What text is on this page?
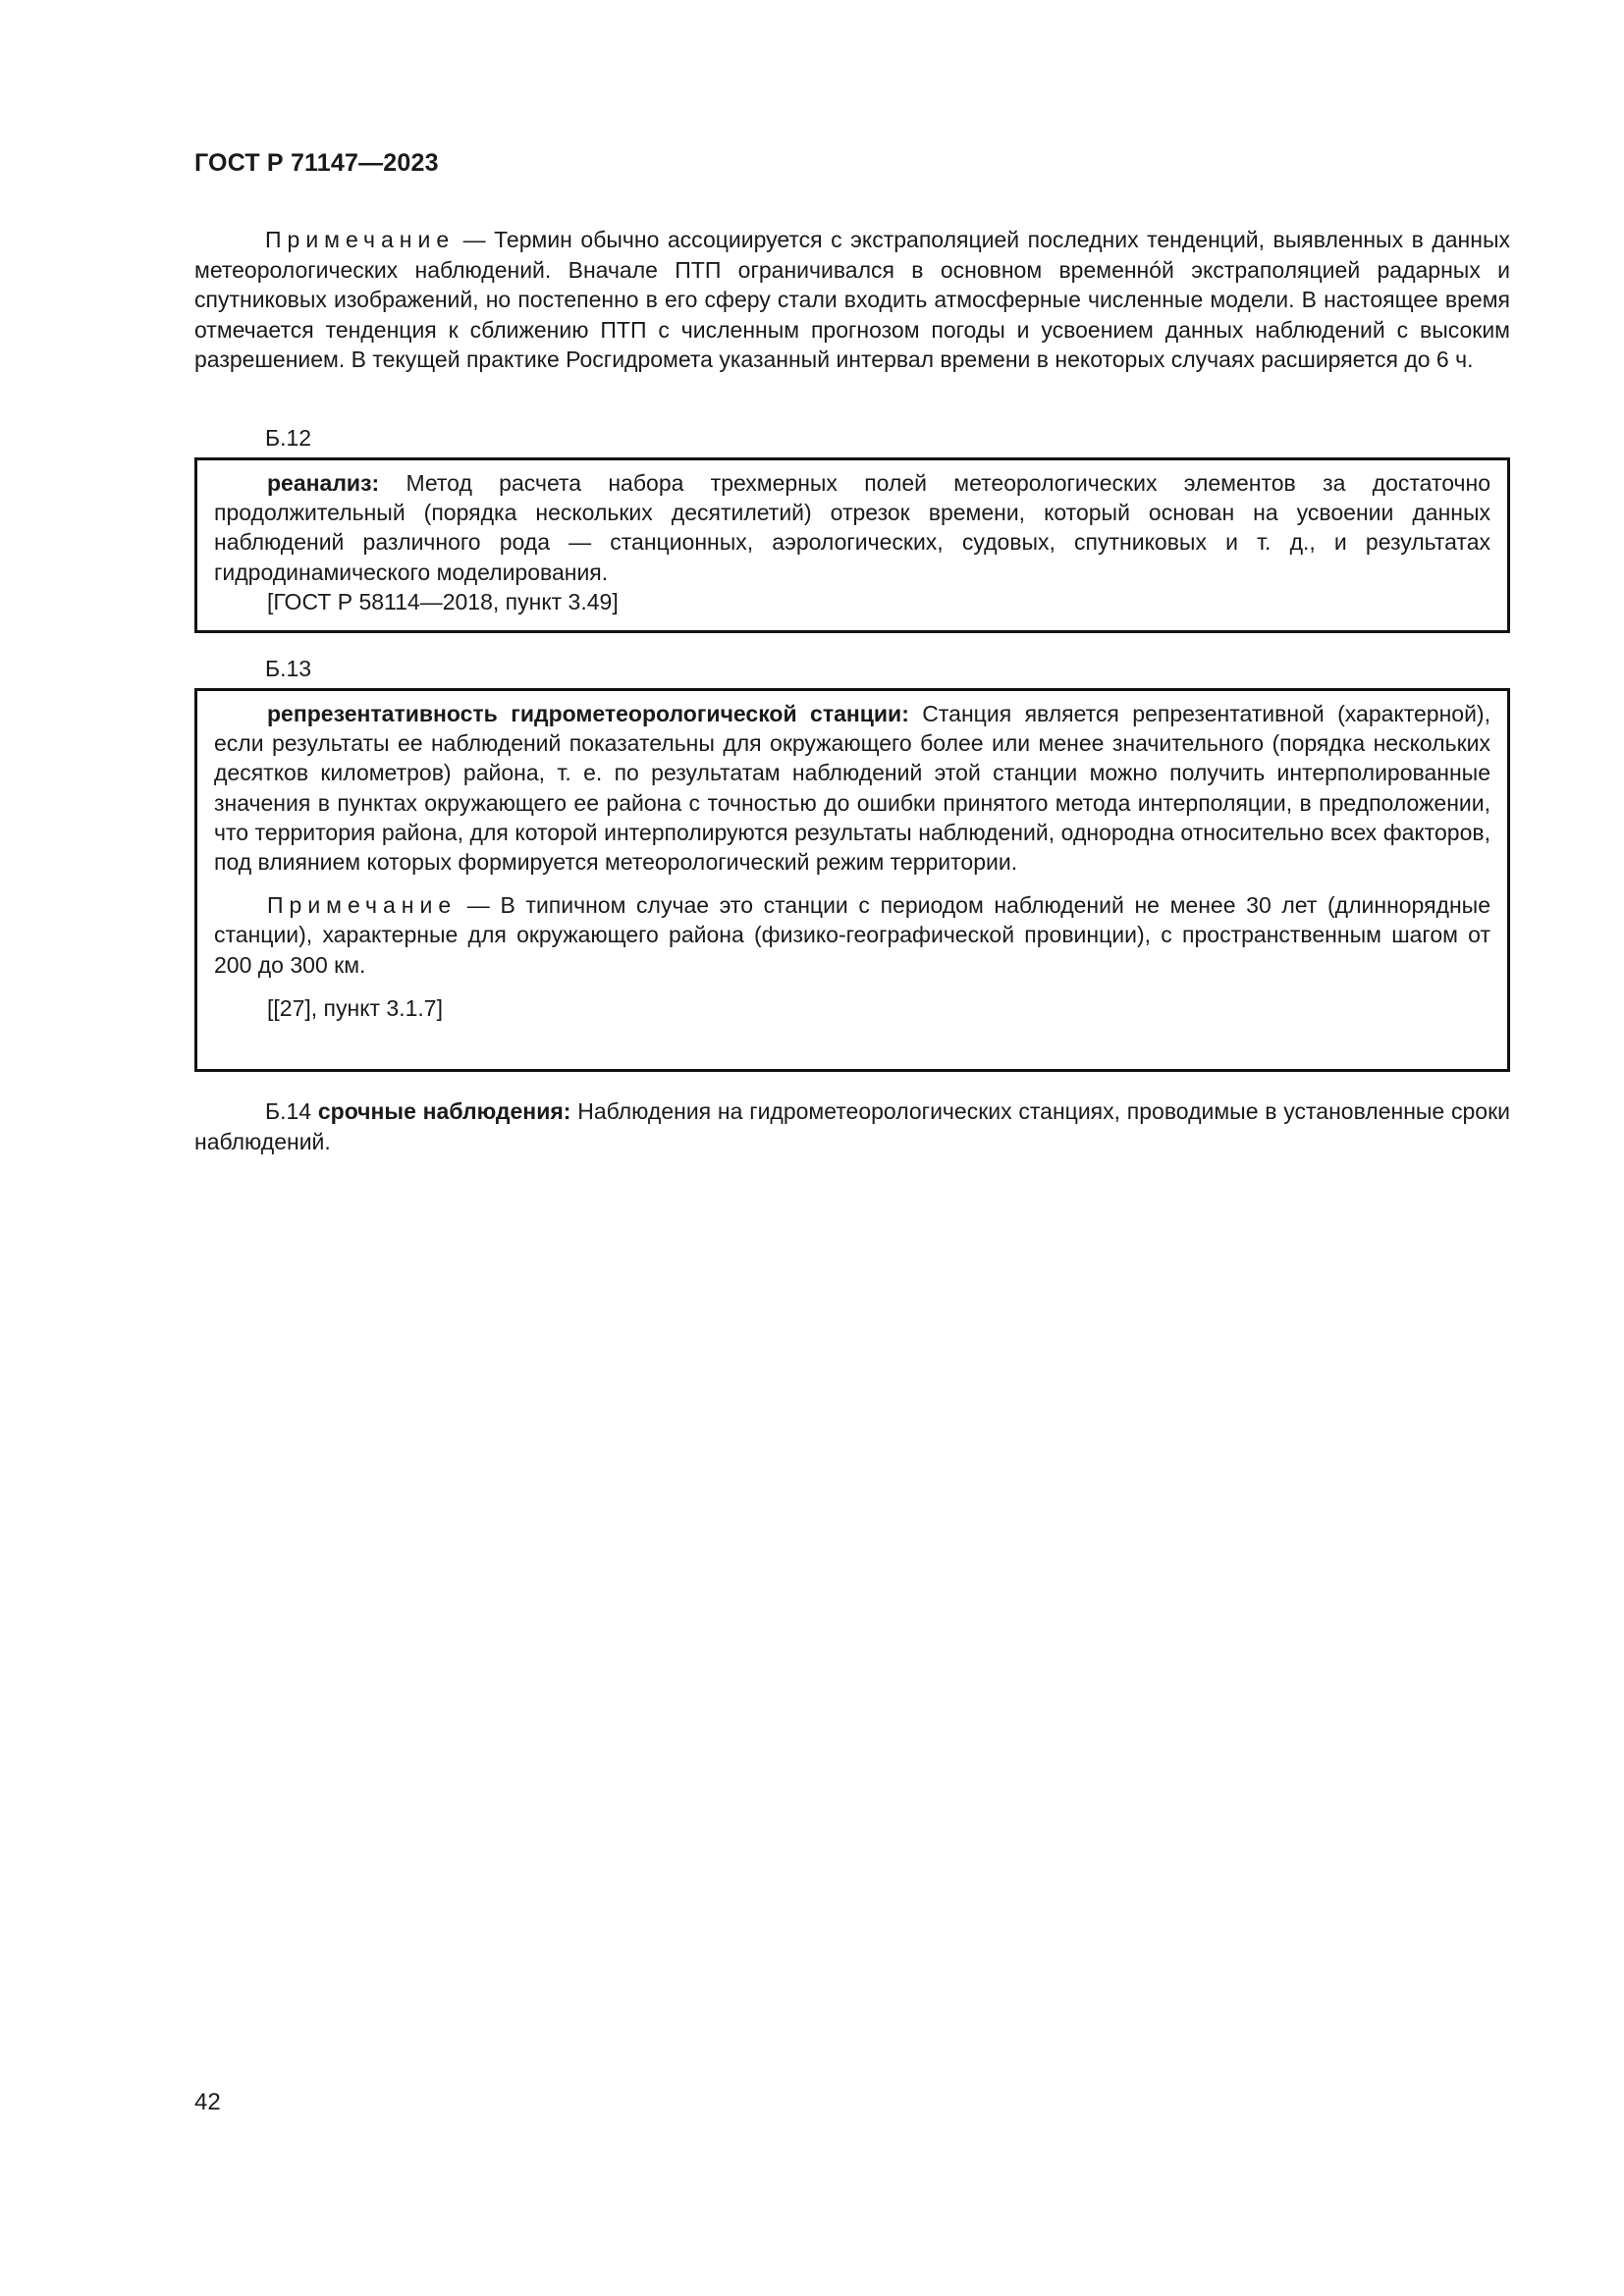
ГОСТ Р 71147—2023

Примечание — Термин обычно ассоциируется с экстраполяцией последних тенденций, выявленных в данных метеорологических наблюдений. Вначале ПТП ограничивался в основном временнóй экстраполяцией радарных и спутниковых изображений, но постепенно в его сферу стали входить атмосферные численные модели. В настоящее время отмечается тенденция к сближению ПТП с численным прогнозом погоды и усвоением данных наблюдений с высоким разрешением. В текущей практике Росгидромета указанный интервал времени в некоторых случаях расширяется до 6 ч.

Б.12

реанализ: Метод расчета набора трехмерных полей метеорологических элементов за достаточно продолжительный (порядка нескольких десятилетий) отрезок времени, который основан на усвоении данных наблюдений различного рода — станционных, аэрологических, судовых, спутниковых и т. д., и результатах гидродинамического моделирования.

[ГОСТ Р 58114—2018, пункт 3.49]

Б.13

репрезентативность гидрометеорологической станции: Станция является репрезентативной (характерной), если результаты ее наблюдений показательны для окружающего более или менее значительного (порядка нескольких десятков километров) района, т. е. по результатам наблюдений этой станции можно получить интерполированные значения в пунктах окружающего ее района с точностью до ошибки принятого метода интерполяции, в предположении, что территория района, для которой интерполируются результаты наблюдений, однородна относительно всех факторов, под влиянием которых формируется метеорологический режим территории.

Примечание — В типичном случае это станции с периодом наблюдений не менее 30 лет (длиннорядные станции), характерные для окружающего района (физико-географической провинции), с пространственным шагом от 200 до 300 км.

[[27], пункт 3.1.7]

Б.14 срочные наблюдения: Наблюдения на гидрометеорологических станциях, проводимые в установленные сроки наблюдений.

42
